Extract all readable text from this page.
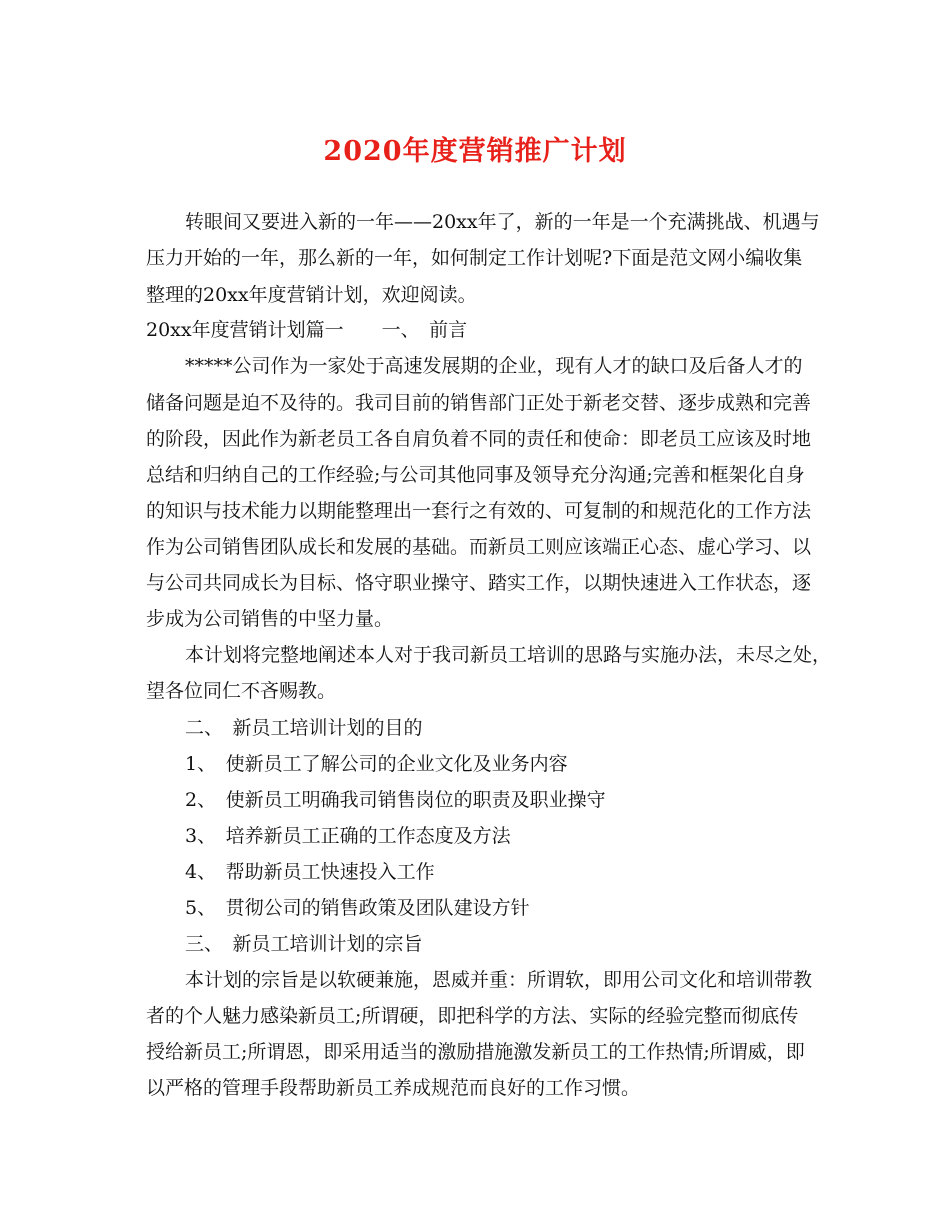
2020年度营销推广计划
转眼间又要进入新的一年——20xx年了，新的一年是一个充满挑战、机遇与
压力开始的一年，那么新的一年，如何制定工作计划呢?下面是范文网小编收集
整理的20xx年度营销计划，欢迎阅读。
20xx年度营销计划篇一　　一、　前言
*****公司作为一家处于高速发展期的企业，现有人才的缺口及后备人才的
储备问题是迫不及待的。我司目前的销售部门正处于新老交替、逐步成熟和完善
的阶段，因此作为新老员工各自肩负着不同的责任和使命：即老员工应该及时地
总结和归纳自己的工作经验;与公司其他同事及领导充分沟通;完善和框架化自身
的知识与技术能力以期能整理出一套行之有效的、可复制的和规范化的工作方法
作为公司销售团队成长和发展的基础。而新员工则应该端正心态、虚心学习、以
与公司共同成长为目标、恪守职业操守、踏实工作，以期快速进入工作状态，逐
步成为公司销售的中坚力量。
本计划将完整地阐述本人对于我司新员工培训的思路与实施办法，未尽之处，
望各位同仁不吝赐教。
二、　新员工培训计划的目的
1、　使新员工了解公司的企业文化及业务内容
2、　使新员工明确我司销售岗位的职责及职业操守
3、　培养新员工正确的工作态度及方法
4、　帮助新员工快速投入工作
5、　贯彻公司的销售政策及团队建设方针
三、　新员工培训计划的宗旨
本计划的宗旨是以软硬兼施，恩威并重：所谓软，即用公司文化和培训带教
者的个人魅力感染新员工;所谓硬，即把科学的方法、实际的经验完整而彻底传
授给新员工;所谓恩，即采用适当的激励措施激发新员工的工作热情;所谓威，即
以严格的管理手段帮助新员工养成规范而良好的工作习惯。
